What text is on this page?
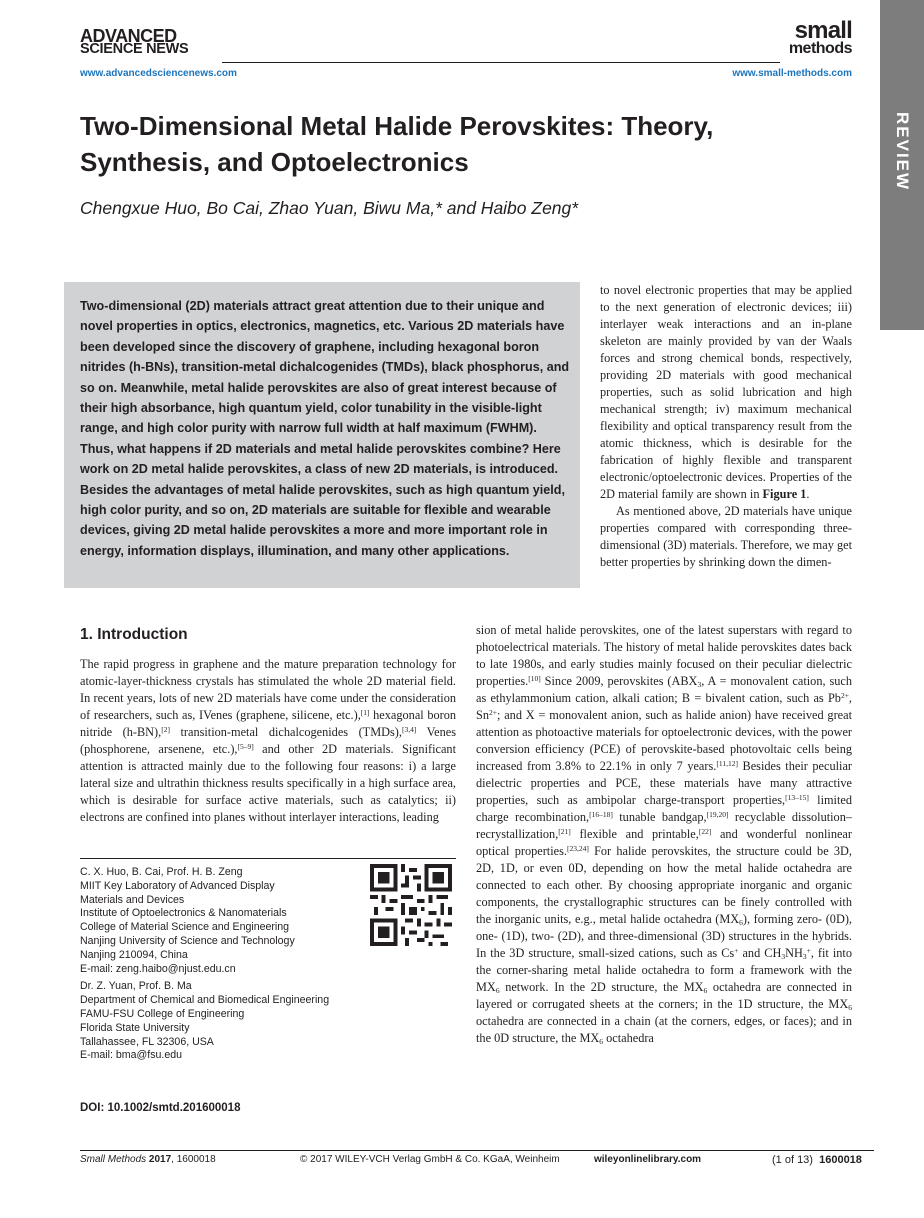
ADVANCED
SCIENCE NEWS
small
methods
www.advancedsciencenews.com	www.small-methods.com
REVIEW
Two-Dimensional Metal Halide Perovskites: Theory, Synthesis, and Optoelectronics
Chengxue Huo, Bo Cai, Zhao Yuan, Biwu Ma,* and Haibo Zeng*
Two-dimensional (2D) materials attract great attention due to their unique and novel properties in optics, electronics, magnetics, etc. Various 2D materials have been developed since the discovery of graphene, including hexagonal boron nitrides (h-BNs), transition-metal dichalcogenides (TMDs), black phosphorus, and so on. Meanwhile, metal halide perovskites are also of great interest because of their high absorbance, high quantum yield, color tunability in the visible-light range, and high color purity with narrow full width at half maximum (FWHM). Thus, what happens if 2D materials and metal halide perovskites combine? Here work on 2D metal halide perovskites, a class of new 2D materials, is introduced. Besides the advantages of metal halide perovskites, such as high quantum yield, high color purity, and so on, 2D materials are suitable for flexible and wearable devices, giving 2D metal halide perovskites a more and more important role in energy, information displays, illumination, and many other applications.

to novel electronic properties that may be applied to the next generation of electronic devices; iii) interlayer weak interactions and an in-plane skeleton are mainly provided by van der Waals forces and strong chemical bonds, respectively, providing 2D materials with good mechanical properties, such as solid lubrication and high mechanical strength; iv) maximum mechanical flexibility and optical transparency result from the atomic thickness, which is desirable for the fabrication of highly flexible and transparent electronic/optoelectronic devices. Properties of the 2D material family are shown in Figure 1.

As mentioned above, 2D materials have unique properties compared with corresponding three-dimensional (3D) materials. Therefore, we may get better properties by shrinking down the dimen-

1. Introduction	sion of metal halide perovskites, one of the latest superstars with regard to photoelectrical materials. The history of metal halide perovskites dates back to late 1980s, and early studies mainly focused on their peculiar dielectric properties.[10] Since 2009, perovskites ($ABX_3$, A = monovalent cation, such as ethylammonium cation, alkali cation; B = bivalent cation, such as $Pb^{2+}$, $Sn^{2+}$; and X = monovalent anion, such as halide anion) have received great attention as photoactive materials for optoelectronic devices, with the power conversion efficiency (PCE) of perovskite-based photovoltaic cells being increased from 3.8% to 22.1% in only 7 years.[11,12] Besides their peculiar dielectric properties and PCE, these materials have many attractive properties, such as ambipolar charge-transport properties,[13–15] limited charge recombination,[16–18] tunable bandgap,[19,20] recyclable dissolution–recrystallization,[21] flexible and printable,[22] and wonderful nonlinear optical properties.[23,24] For halide perovskites, the structure could be 3D, 2D, 1D, or even 0D, depending on how the metal halide octahedra are connected to each other. By choosing appropriate inorganic and organic components, the crystallographic structures can be finely controlled with the inorganic units, e.g., metal halide octahedra $(MX_6)$, forming zero- (0D), one- (1D), two- (2D), and three-dimensional (3D) structures in the hybrids. In the 3D structure, small-sized cations, such as Cs+ and $CH_3NH_3^+$, fit into the corner-sharing metal halide octahedra to form a framework with the $MX_6$ network. In the 2D structure, the $MX_6$ octahedra are connected in layered or corrugated sheets at the corners; in the 1D structure, the $MX_6$ octahedra are connected in a chain (at the corners, edges, or faces); and in the 0D structure, the $MX_6$ octahedra

The rapid progress in graphene and the mature preparation technology for atomic-layer-thickness crystals has stimulated the whole 2D material field. In recent years, lots of new 2D materials have come under the consideration of researchers, such as, IVenes (graphene, silicene, etc.),[1] hexagonal boron nitride (h-BN),[2] transition-metal dichalcogenides (TMDs),[3,4] Venes (phosphorene, arsenene, etc.),[5–9] and other 2D materials. Significant attention is attracted mainly due to the following four reasons: i) a large lateral size and ultrathin thickness results specifically in a high surface area, which is desirable for surface active materials, such as catalytics; ii) electrons are confined into planes without interlayer interactions, leading

C. X. Huo, B. Cai, Prof. H. B. Zeng

MIIT Key Laboratory of Advanced Display

Materials and Devices

Institute of Optoelectronics & Nanomaterials

College of Material Science and Engineering

Nanjing University of Science and Technology

Nanjing 210094, China

E-mail: zeng.haibo@njust.edu.cn

Dr. Z. Yuan, Prof. B. Ma

Department of Chemical and Biomedical Engineering

FAMU-FSU College of Engineering

Florida State University

Tallahassee, FL 32306, USA

E-mail: bma@fsu.edu

DOI: 10.1002/smtd.201600018
Small Methods 2017, 1600018	© 2017 WILEY-VCH Verlag GmbH & Co. KGaA, Weinheim	wileyonlinelibrary.com	(1 of 13) 1600018
